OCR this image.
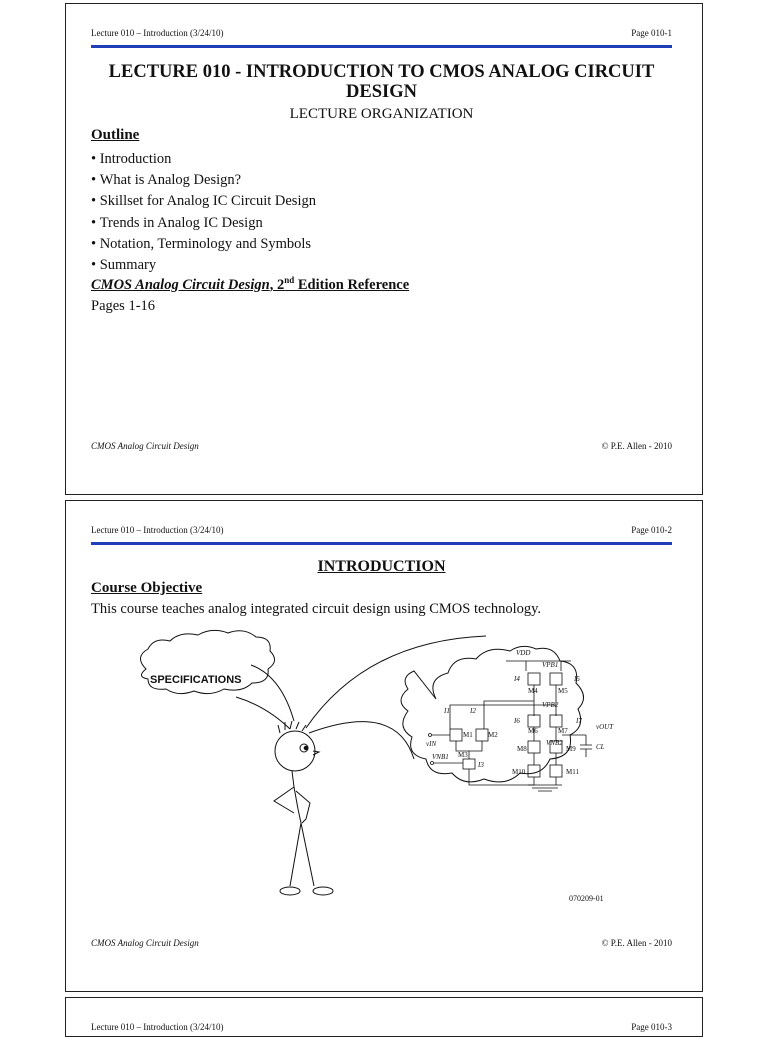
Lecture 010 – Introduction (3/24/10)	Page 010-1
LECTURE 010 - INTRODUCTION TO CMOS ANALOG CIRCUIT DESIGN
LECTURE ORGANIZATION
Outline
• Introduction
• What is Analog Design?
• Skillset for Analog IC Circuit Design
• Trends in Analog IC Design
• Notation, Terminology and Symbols
• Summary
CMOS Analog Circuit Design, 2nd Edition Reference
Pages 1-16
CMOS Analog Circuit Design	© P.E. Allen - 2010
Lecture 010 – Introduction (3/24/10)	Page 010-2
INTRODUCTION
Course Objective
This course teaches analog integrated circuit design using CMOS technology.
SPECIFICATIONS
VDD
VPB1
M4	M5
I4	I5
VPB2
M6	M7
I6	I7
VNB2
M8	M9
M10	M11
vOUT
CL
I1	I2
M1 M2
M3
I3
vIN
VNB1
070209-01
CMOS Analog Circuit Design	© P.E. Allen - 2010
Lecture 010 – Introduction (3/24/10)	Page 010-3
